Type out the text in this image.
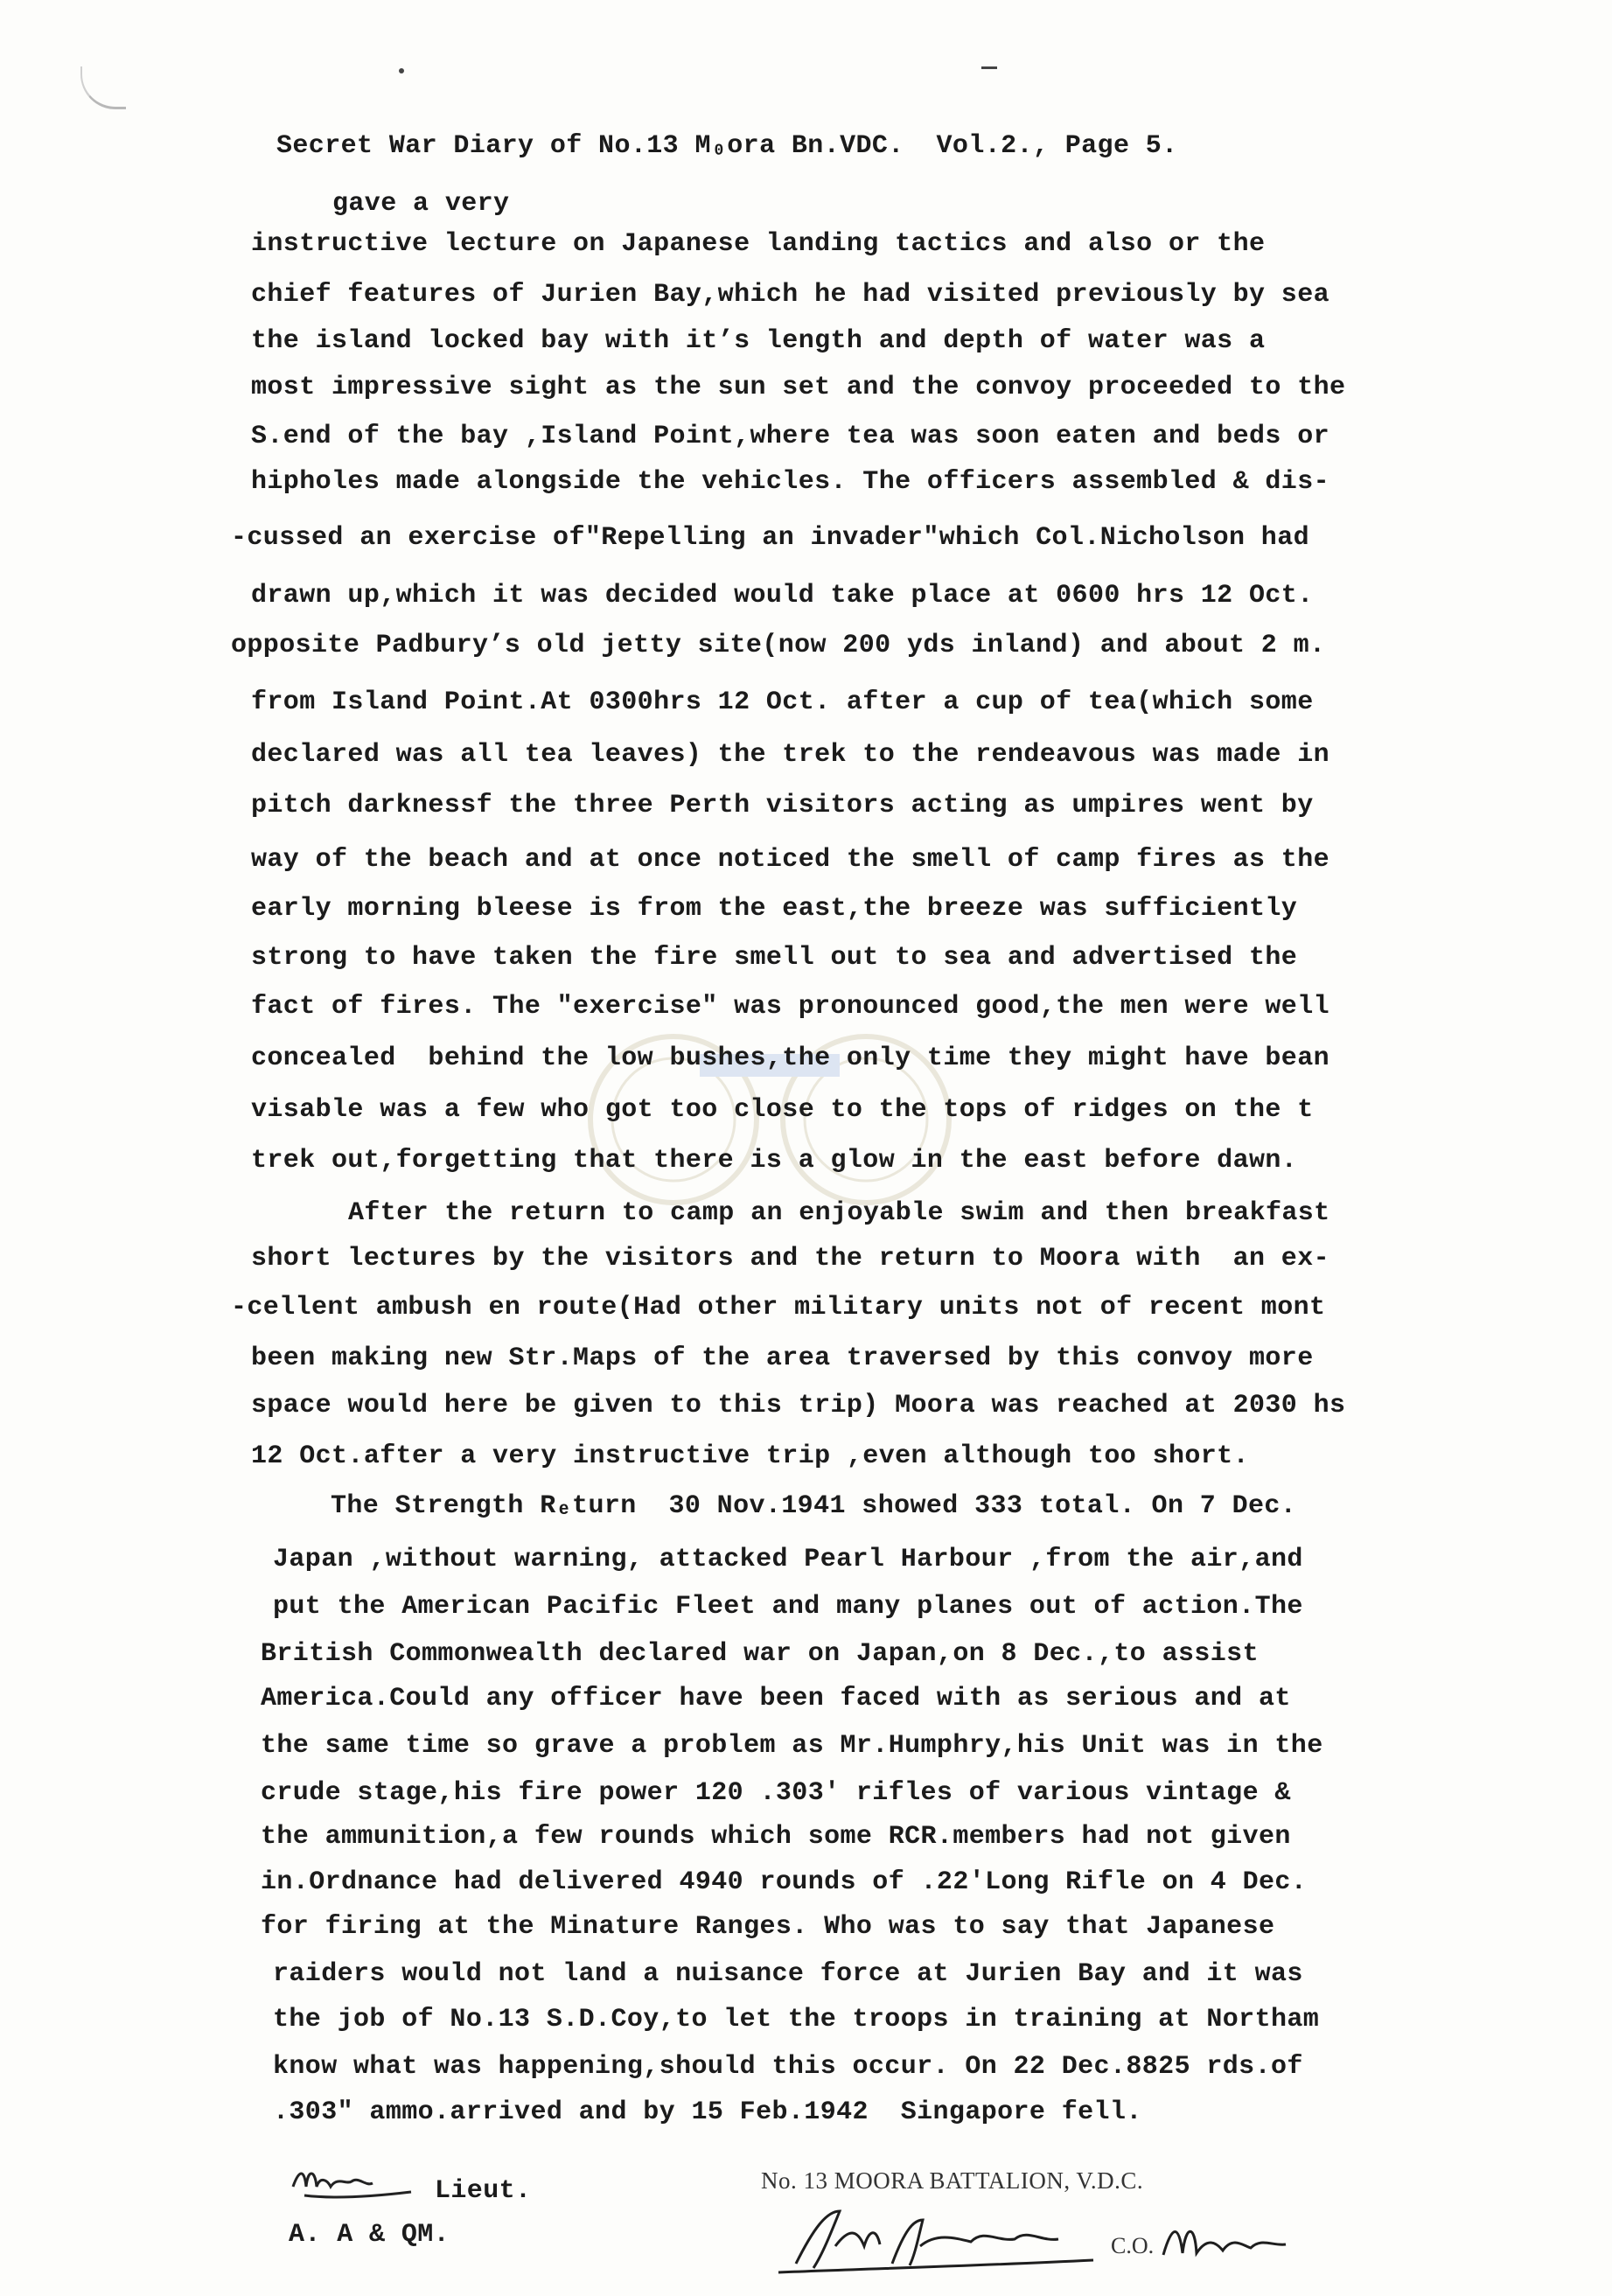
Secret War Diary of No.13 M₀ora Bn.VDC.  Vol.2., Page 5.

gave a very

instructive lecture on Japanese landing tactics and also or the

chief features of Jurien Bay,which he had visited previously by sea

the island locked bay with it’s length and depth of water was a

most impressive sight as the sun set and the convoy proceeded to the

S.end of the bay ,Island Point,where tea was soon eaten and beds or

hipholes made alongside the vehicles. The officers assembled & dis-

-cussed an exercise of"Repelling an invader"which Col.Nicholson had

drawn up,which it was decided would take place at 0600 hrs 12 Oct.

opposite Padbury’s old jetty site(now 200 yds inland) and about 2 m.

from Island Point.At 0300hrs 12 Oct. after a cup of tea(which some

declared was all tea leaves) the trek to the rendeavous was made in

pitch darknessf the three Perth visitors acting as umpires went by

way of the beach and at once noticed the smell of camp fires as the

early morning bleese is from the east,the breeze was sufficiently

strong to have taken the fire smell out to sea and advertised the

fact of fires. The "exercise" was pronounced good,the men were well

concealed  behind the low bushes,the only time they might have bean

visable was a few who got too close to the tops of ridges on the t

trek out,forgetting that there is a glow in the east before dawn.

After the return to camp an enjoyable swim and then breakfast

short lectures by the visitors and the return to Moora with  an ex-

-cellent ambush en route(Had other military units not of recent mont

been making new Str.Maps of the area traversed by this convoy more

space would here be given to this trip) Moora was reached at 2030 hs

12 Oct.after a very instructive trip ,even although too short.

The Strength Rₑturn  30 Nov.1941 showed 333 total. On 7 Dec.

Japan ,without warning, attacked Pearl Harbour ,from the air,and

put the American Pacific Fleet and many planes out of action.The

British Commonwealth declared war on Japan,on 8 Dec.,to assist

America.Could any officer have been faced with as serious and at

the same time so grave a problem as Mr.Humphry,his Unit was in the

crude stage,his fire power 120 .303′ rifles of various vintage &

the ammunition,a few rounds which some RCR.members had not given

in.Ordnance had delivered 4940 rounds of .22′Long Rifle on 4 Dec.

for firing at the Minature Ranges. Who was to say that Japanese

raiders would not land a nuisance force at Jurien Bay and it was

the job of No.13 S.D.Coy,to let the troops in training at Northam

know what was happening,should this occur. On 22 Dec.8825 rds.of

.303" ammo.arrived and by 15 Feb.1942  Singapore fell.

Lieut.

A. A & QM.

No. 13 MOORA BATTALION, V.D.C.
C.O.
